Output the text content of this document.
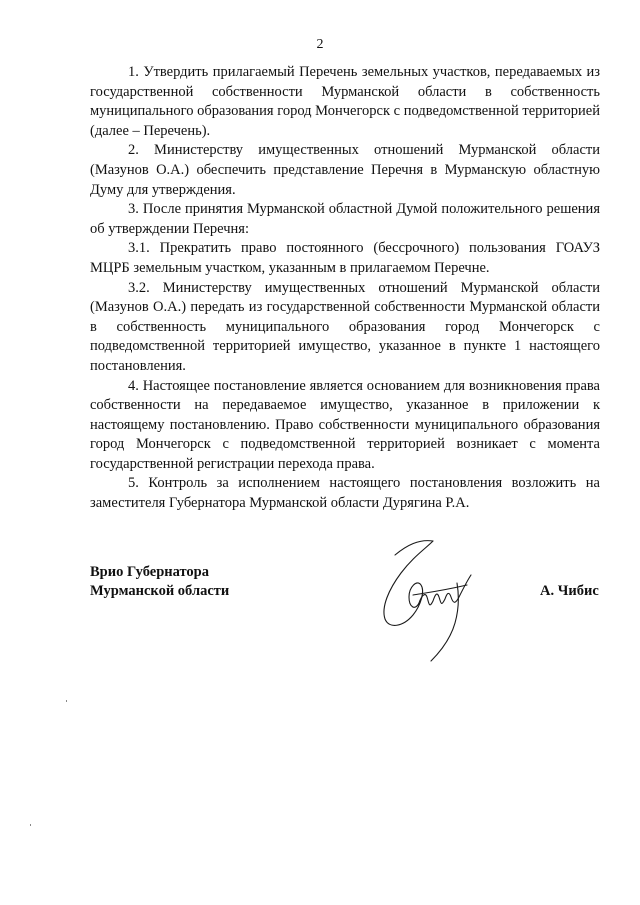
2

1. Утвердить прилагаемый Перечень земельных участков, передаваемых из государственной собственности Мурманской области в собственность муниципального образования город Мончегорск с подведомственной территорией (далее – Перечень).

2. Министерству имущественных отношений Мурманской области (Мазунов О.А.) обеспечить представление Перечня в Мурманскую областную Думу для утверждения.

3. После принятия Мурманской областной Думой положительного решения об утверждении Перечня:

3.1. Прекратить право постоянного (бессрочного) пользования ГОАУЗ МЦРБ земельным участком, указанным в прилагаемом Перечне.

3.2. Министерству имущественных отношений Мурманской области (Мазунов О.А.) передать из государственной собственности Мурманской области в собственность муниципального образования город Мончегорск с подведомственной территорией имущество, указанное в пункте 1 настоящего постановления.

4. Настоящее постановление является основанием для возникновения права собственности на передаваемое имущество, указанное в приложении к настоящему постановлению. Право собственности муниципального образования город Мончегорск с подведомственной территорией возникает с момента государственной регистрации перехода права.

5. Контроль за исполнением настоящего постановления возложить на заместителя Губернатора Мурманской области Дурягина Р.А.

Врио Губернатора
Мурманской области	А. Чибис
